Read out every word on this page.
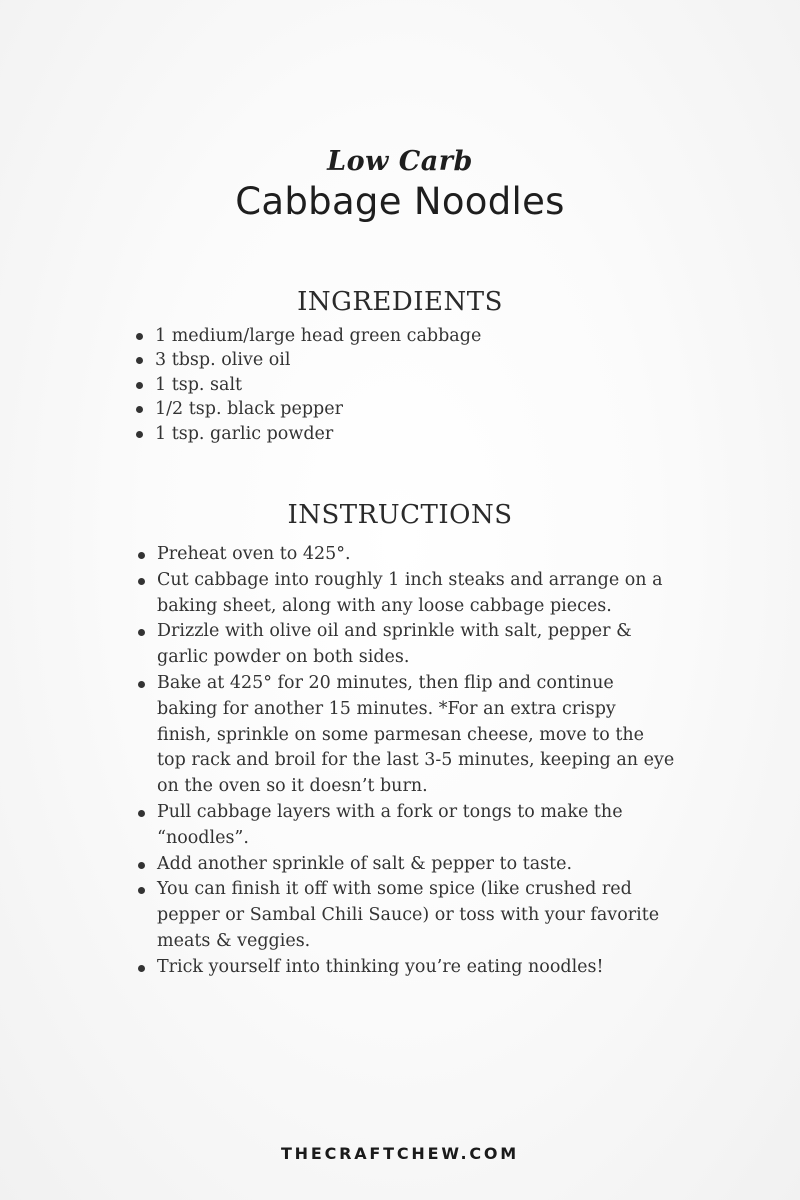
Low Carb
Cabbage Noodles
INGREDIENTS
1 medium/large head green cabbage
3 tbsp. olive oil
1 tsp. salt
1/2 tsp. black pepper
1 tsp. garlic powder
INSTRUCTIONS
Preheat oven to 425°.
Cut cabbage into roughly 1 inch steaks and arrange on a baking sheet, along with any loose cabbage pieces.
Drizzle with olive oil and sprinkle with salt, pepper & garlic powder on both sides.
Bake at 425° for 20 minutes, then flip and continue baking for another 15 minutes. *For an extra crispy finish, sprinkle on some parmesan cheese, move to the top rack and broil for the last 3-5 minutes, keeping an eye on the oven so it doesn’t burn.
Pull cabbage layers with a fork or tongs to make the “noodles”.
Add another sprinkle of salt & pepper to taste.
You can finish it off with some spice (like crushed red pepper or Sambal Chili Sauce) or toss with your favorite meats & veggies.
Trick yourself into thinking you’re eating noodles!
THECRAFTCHEW.COM
